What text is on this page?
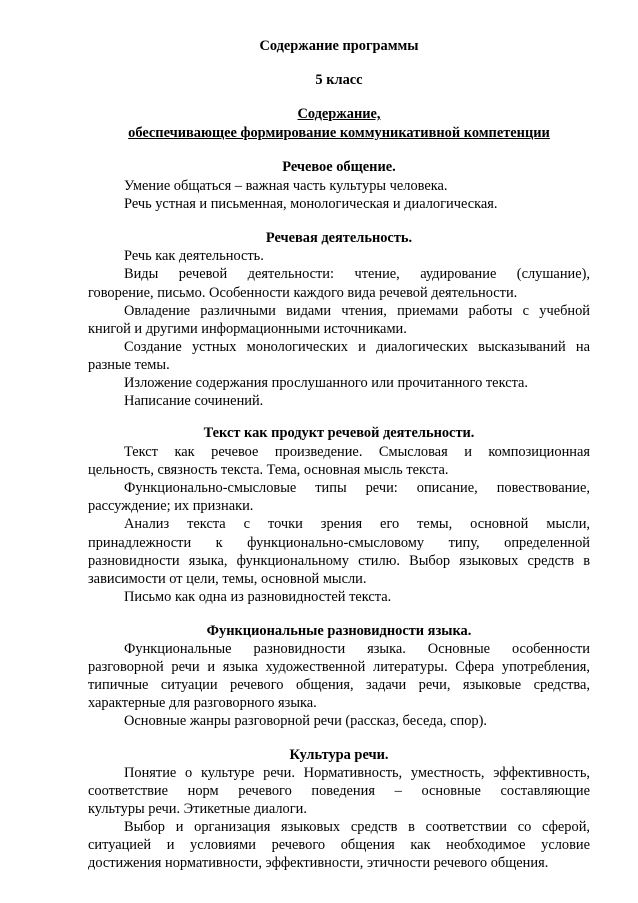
Содержание программы
5 класс
Содержание,
обеспечивающее формирование коммуникативной компетенции
Речевое общение.
Умение общаться – важная часть культуры человека.
Речь устная и письменная, монологическая и диалогическая.
Речевая деятельность.
Речь как деятельность.
Виды речевой деятельности: чтение, аудирование (слушание),
говорение, письмо. Особенности каждого вида речевой деятельности.
Овладение различными видами чтения, приемами работы с учебной
книгой и другими информационными источниками.
Создание устных монологических и диалогических высказываний на
разные темы.
Изложение содержания прослушанного или прочитанного текста.
Написание сочинений.
Текст как продукт речевой деятельности.
Текст как речевое произведение. Смысловая и композиционная
цельность, связность текста. Тема, основная мысль текста.
Функционально-смысловые типы речи: описание, повествование,
рассуждение; их признаки.
Анализ текста с точки зрения его темы, основной мысли,
принадлежности к функционально-смысловому типу, определенной
разновидности языка, функциональному стилю. Выбор языковых средств в
зависимости от цели, темы, основной мысли.
Письмо как одна из разновидностей текста.
Функциональные разновидности языка.
Функциональные разновидности языка. Основные особенности
разговорной речи и языка художественной литературы. Сфера употребления,
типичные ситуации речевого общения, задачи речи, языковые средства,
характерные для разговорного языка.
Основные жанры разговорной речи (рассказ, беседа, спор).
Культура речи.
Понятие о культуре речи. Нормативность, уместность, эффективность,
соответствие норм речевого поведения – основные составляющие
культуры речи. Этикетные диалоги.
Выбор и организация языковых средств в соответствии со сферой,
ситуацией и условиями речевого общения как необходимое условие
достижения нормативности, эффективности, этичности речевого общения.
